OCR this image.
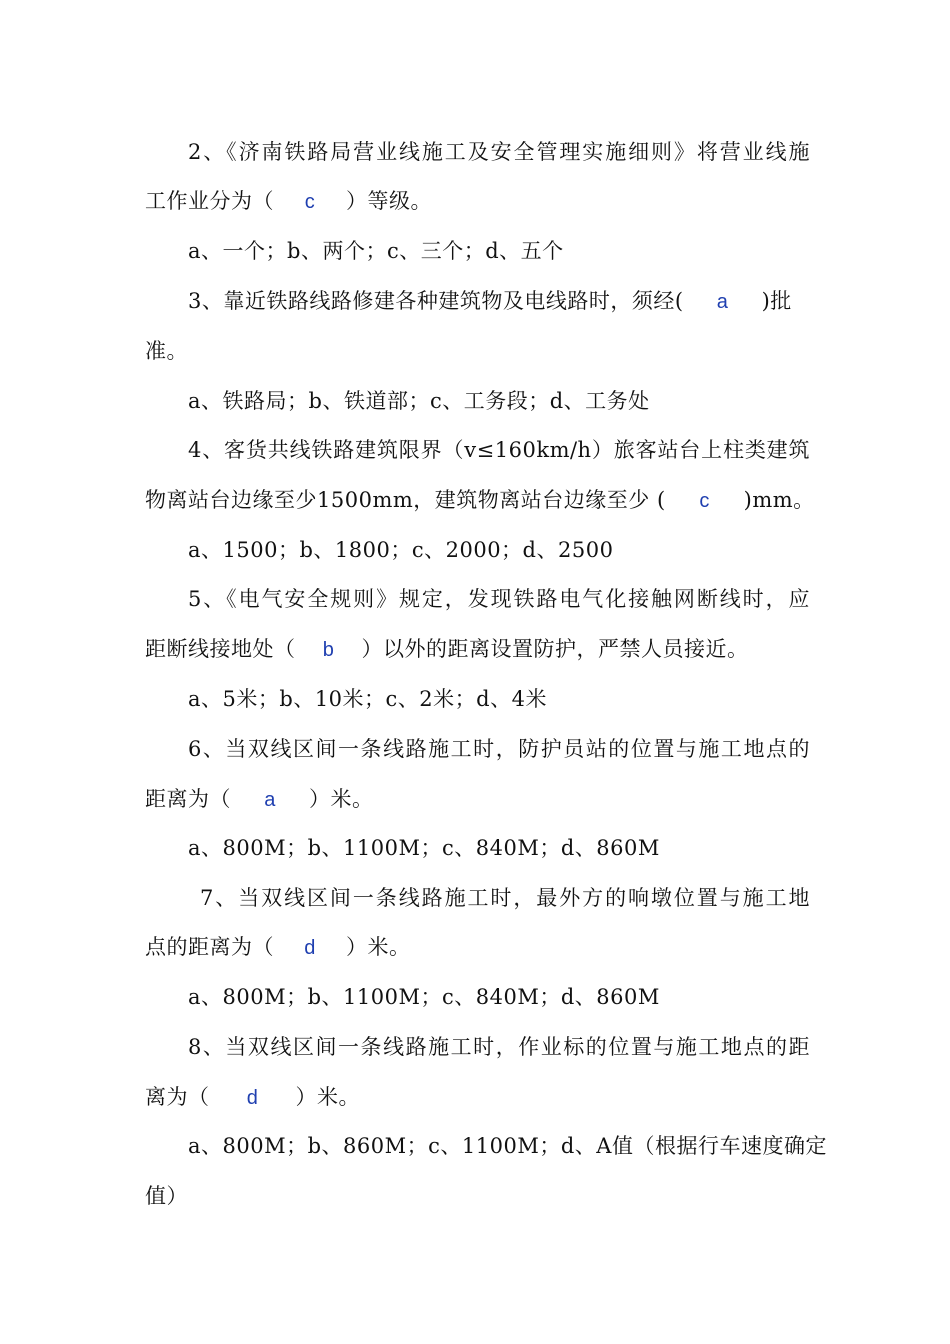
2、《济南铁路局营业线施工及安全管理实施细则》将营业线施
工作业分为（ c ）等级。
a、一个；b、两个；c、三个；d、五个
3、靠近铁路线路修建各种建筑物及电线路时，须经( a )批
准。
a、铁路局；b、铁道部；c、工务段；d、工务处
4、客货共线铁路建筑限界（v≤160km/h）旅客站台上柱类建筑
物离站台边缘至少1500mm，建筑物离站台边缘至少 ( c )mm。
a、1500；b、1800；c、2000；d、2500
5、《电气安全规则》规定，发现铁路电气化接触网断线时，应
距断线接地处（ b ）以外的距离设置防护，严禁人员接近。
a、5米；b、10米；c、2米；d、4米
6、当双线区间一条线路施工时，防护员站的位置与施工地点的
距离为（ a ）米。
a、800M；b、1100M；c、840M；d、860M
7、当双线区间一条线路施工时，最外方的响墩位置与施工地
点的距离为（ d ）米。
a、800M；b、1100M；c、840M；d、860M
8、当双线区间一条线路施工时，作业标的位置与施工地点的距
离为（ d ）米。
a、800M；b、860M；c、1100M；d、A值（根据行车速度确定
值）
